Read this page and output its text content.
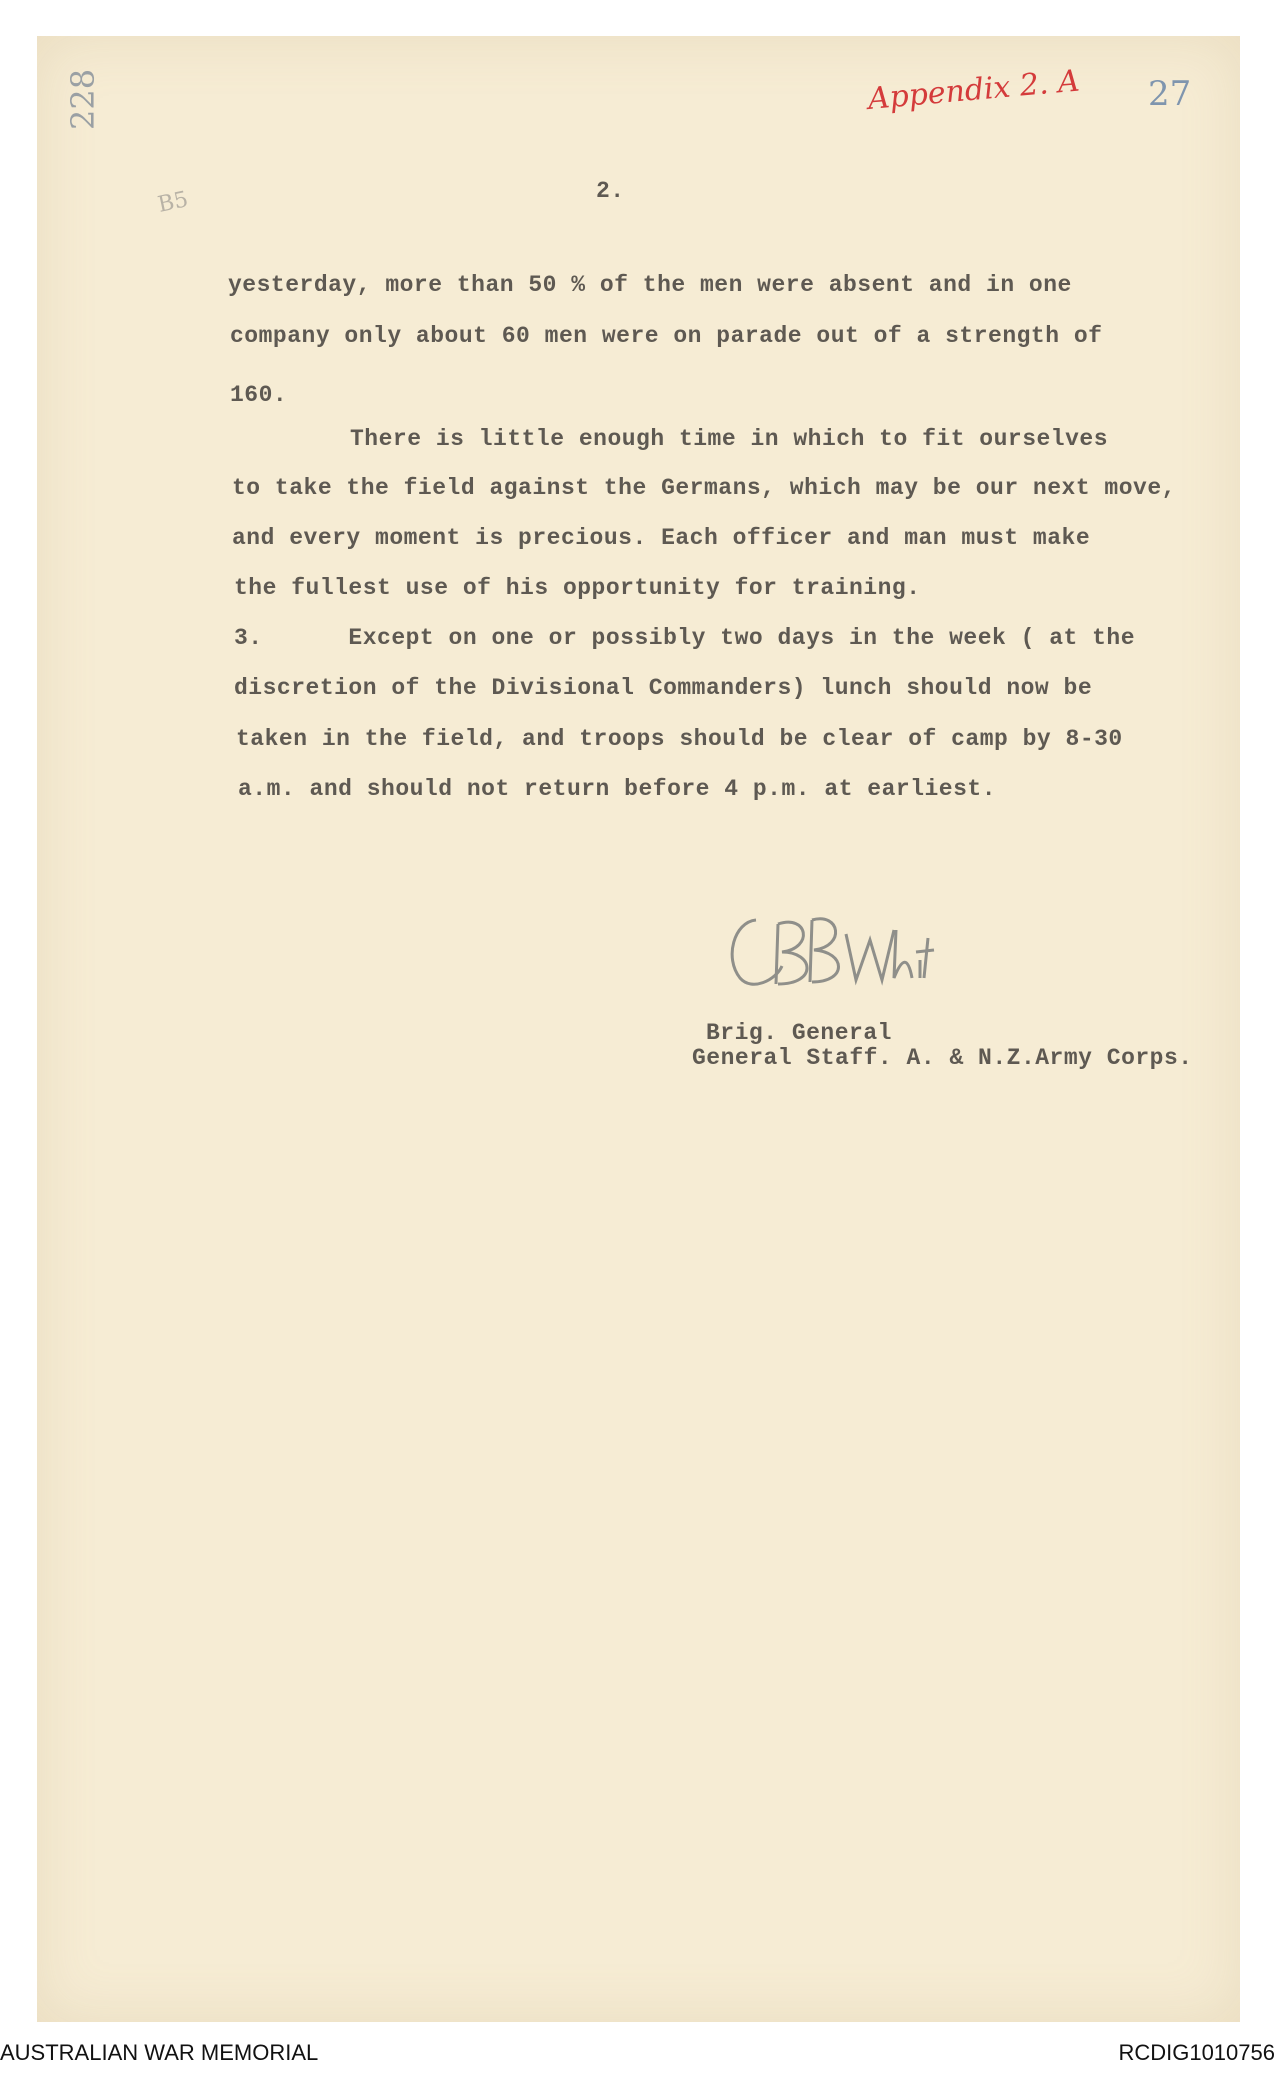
Appendix 2. A 27
228
B5	2.
yesterday, more than 50 % of the men were absent and in one
company only about 60 men were on parade out of a strength of
160.
There is little enough time in which to fit ourselves
to take the field against the Germans, which may be our next move,
and every moment is precious. Each officer and man must make
the fullest use of his opportunity for training.
3.      Except on one or possibly two days in the week ( at the
discretion of the Divisional Commanders) lunch should now be
taken in the field, and troops should be clear of camp by 8-30
a.m. and should not return before 4 p.m. at earliest.
Brig. General
General Staff. A. & N.Z.Army Corps.
AUSTRALIAN WAR MEMORIAL	RCDIG1010756
